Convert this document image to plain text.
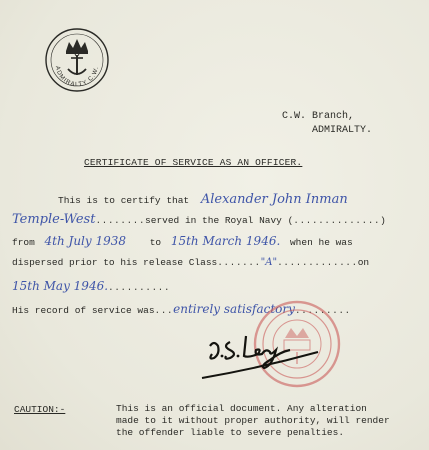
ADMIRALTY C.W.
C.W. Branch,
ADMIRALTY.
CERTIFICATE OF SERVICE AS AN OFFICER.
This is to certify that Alexander John Inman
Temple-West........served in the Royal Navy (..............)
from 4th July 1938 to 15th March 1946. when he was
dispersed prior to his release Class......."A".............on
15th May 1946...........
His record of service was...entirely satisfactory.........
CAUTION:-	This is an official document. Any alteration
made to it without proper authority, will render
the offender liable to severe penalties.
